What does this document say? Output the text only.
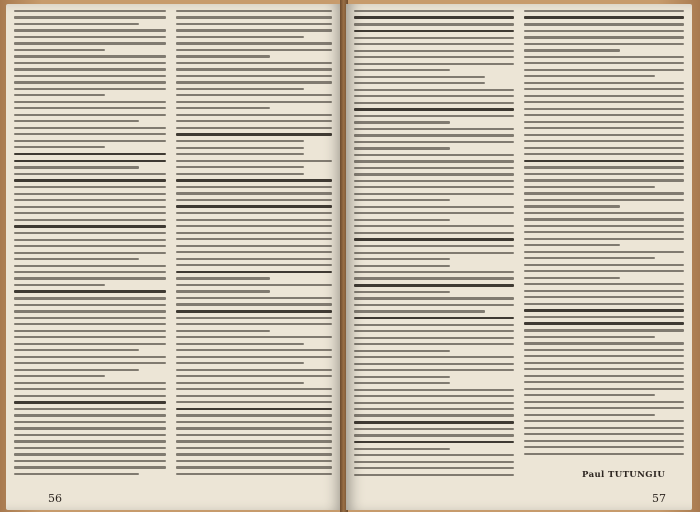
56
Paul TUTUNGIU
57
